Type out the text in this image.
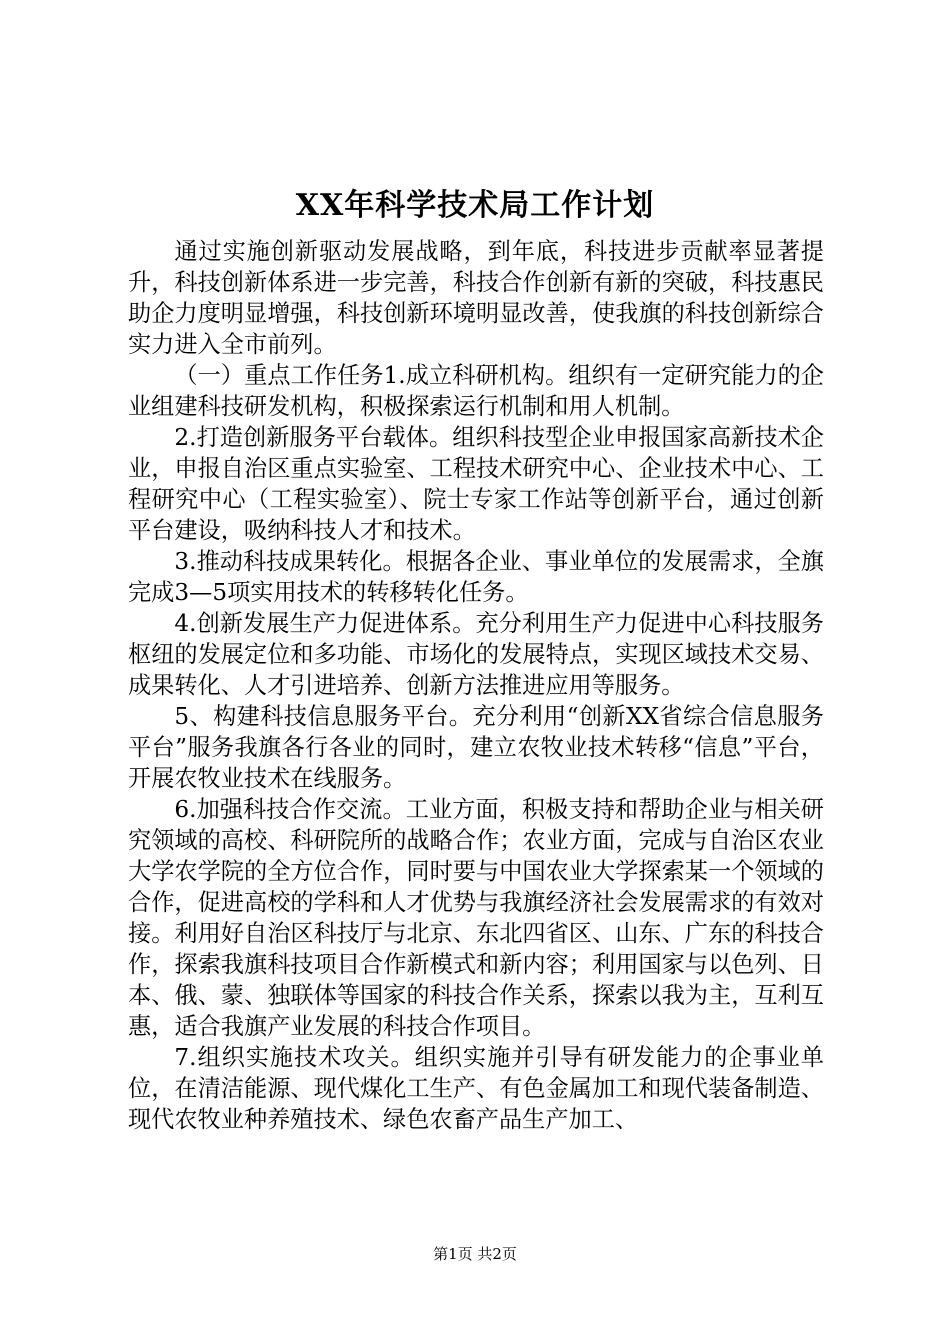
XX年科学技术局工作计划

通过实施创新驱动发展战略，到年底，科技进步贡献率显著提升，科技创新体系进一步完善，科技合作创新有新的突破，科技惠民助企力度明显增强，科技创新环境明显改善，使我旗的科技创新综合实力进入全市前列。

（一）重点工作任务1.成立科研机构。组织有一定研究能力的企业组建科技研发机构，积极探索运行机制和用人机制。

2.打造创新服务平台载体。组织科技型企业申报国家高新技术企业，申报自治区重点实验室、工程技术研究中心、企业技术中心、工程研究中心（工程实验室）、院士专家工作站等创新平台，通过创新平台建设，吸纳科技人才和技术。

3.推动科技成果转化。根据各企业、事业单位的发展需求，全旗完成3—5项实用技术的转移转化任务。

4.创新发展生产力促进体系。充分利用生产力促进中心科技服务枢纽的发展定位和多功能、市场化的发展特点，实现区域技术交易、成果转化、人才引进培养、创新方法推进应用等服务。

5、构建科技信息服务平台。充分利用“创新XX省综合信息服务平台”服务我旗各行各业的同时，建立农牧业技术转移“信息”平台，开展农牧业技术在线服务。

6.加强科技合作交流。工业方面，积极支持和帮助企业与相关研究领域的高校、科研院所的战略合作；农业方面，完成与自治区农业大学农学院的全方位合作，同时要与中国农业大学探索某一个领域的合作，促进高校的学科和人才优势与我旗经济社会发展需求的有效对接。利用好自治区科技厅与北京、东北四省区、山东、广东的科技合作，探索我旗科技项目合作新模式和新内容；利用国家与以色列、日本、俄、蒙、独联体等国家的科技合作关系，探索以我为主，互利互惠，适合我旗产业发展的科技合作项目。

7.组织实施技术攻关。组织实施并引导有研发能力的企事业单位，在清洁能源、现代煤化工生产、有色金属加工和现代装备制造、现代农牧业种养殖技术、绿色农畜产品生产加工、

第1页 共2页
